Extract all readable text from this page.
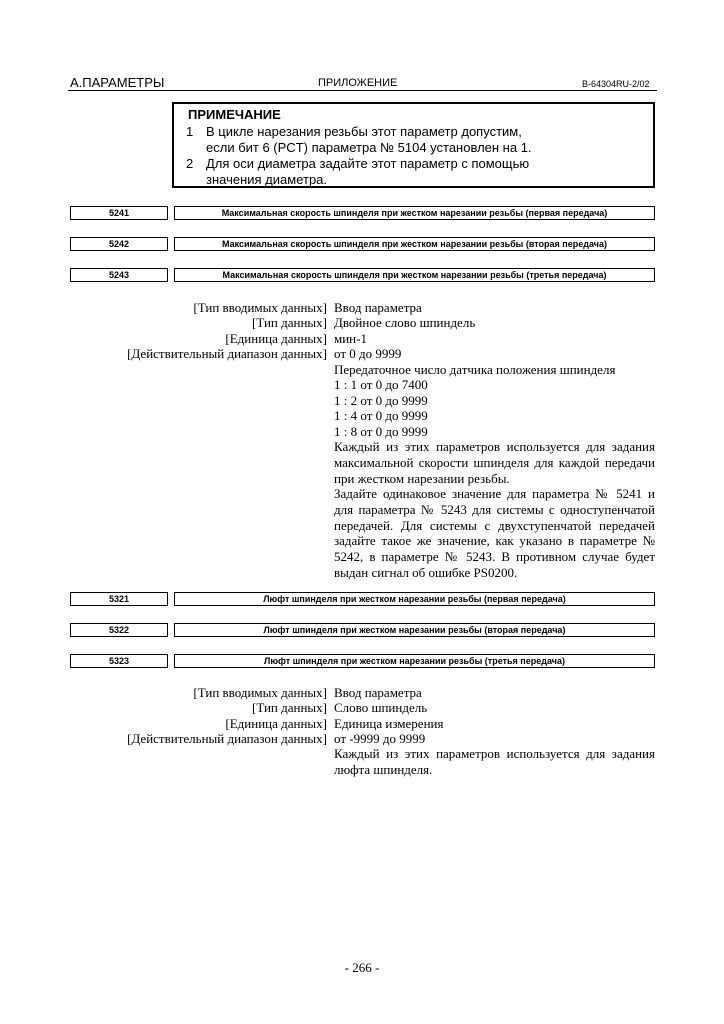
А.ПАРАМЕТРЫ	ПРИЛОЖЕНИЕ	B-64304RU-2/02
ПРИМЕЧАНИЕ
1 В цикле нарезания резьбы этот параметр допустим,
если бит 6 (PCT) параметра № 5104 установлен на 1.
2 Для оси диаметра задайте этот параметр с помощью
значения диаметра.
5241	Максимальная скорость шпинделя при жестком нарезании резьбы (первая передача)
5242	Максимальная скорость шпинделя при жестком нарезании резьбы (вторая передача)
5243	Максимальная скорость шпинделя при жестком нарезании резьбы (третья передача)
[Тип вводимых данных] Ввод параметра
[Тип данных] Двойное слово шпиндель
[Единица данных] мин-1
[Действительный диапазон данных] от 0 до 9999
Передаточное число датчика положения шпинделя
1 : 1 от 0 до 7400
1 : 2 от 0 до 9999
1 : 4 от 0 до 9999
1 : 8 от 0 до 9999
Каждый из этих параметров используется для задания максимальной скорости шпинделя для каждой передачи при жестком нарезании резьбы.
Задайте одинаковое значение для параметра № 5241 и для параметра № 5243 для системы с одноступенчатой передачей. Для системы с двухступенчатой передачей задайте такое же значение, как указано в параметре № 5242, в параметре № 5243. В противном случае будет выдан сигнал об ошибке PS0200.
5321	Люфт шпинделя при жестком нарезании резьбы (первая передача)
5322	Люфт шпинделя при жестком нарезании резьбы (вторая передача)
5323	Люфт шпинделя при жестком нарезании резьбы (третья передача)
[Тип вводимых данных] Ввод параметра
[Тип данных] Слово шпиндель
[Единица данных] Единица измерения
[Действительный диапазон данных] от -9999 до 9999
Каждый из этих параметров используется для задания люфта шпинделя.
- 266 -
